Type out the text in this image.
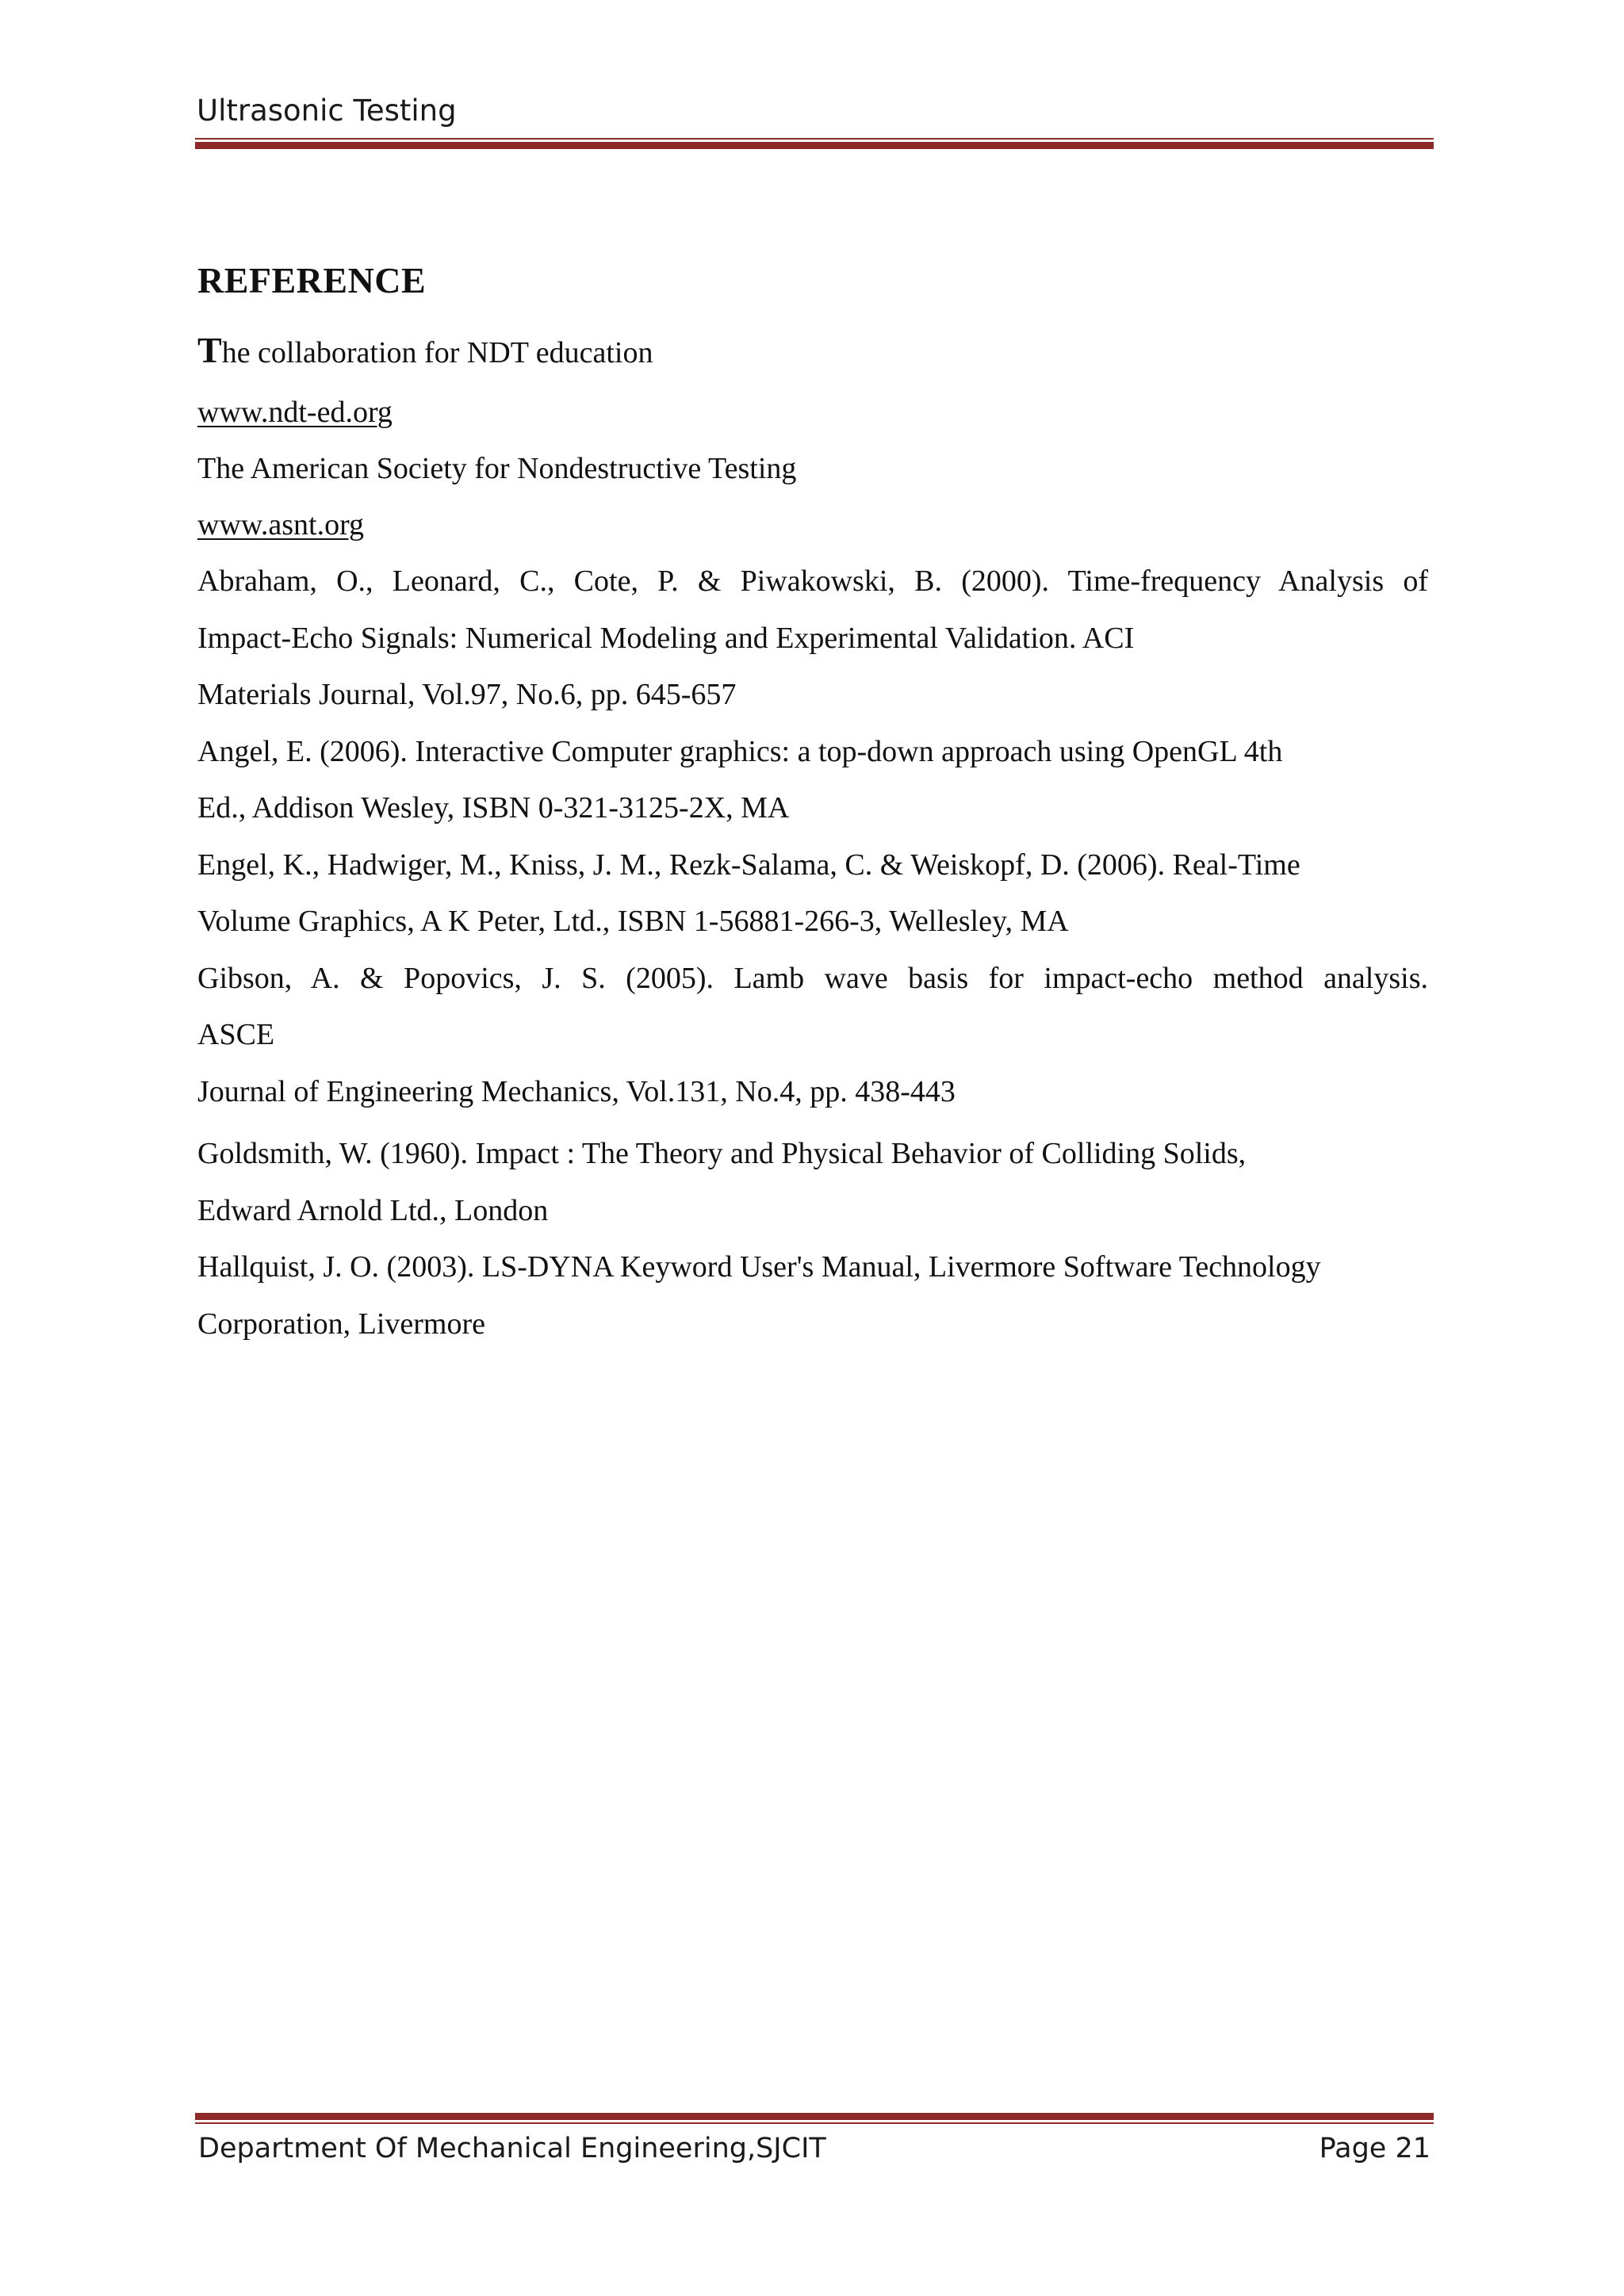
Ultrasonic Testing
REFERENCE
The collaboration for NDT education
www.ndt-ed.org
The American Society for Nondestructive Testing
www.asnt.org
Abraham, O., Leonard, C., Cote, P. & Piwakowski, B. (2000). Time-frequency Analysis of
Impact-Echo Signals: Numerical Modeling and Experimental Validation. ACI
Materials Journal, Vol.97, No.6, pp. 645-657
Angel, E. (2006). Interactive Computer graphics: a top-down approach using OpenGL 4th
Ed., Addison Wesley, ISBN 0-321-3125-2X, MA
Engel, K., Hadwiger, M., Kniss, J. M., Rezk-Salama, C. & Weiskopf, D. (2006). Real-Time
Volume Graphics, A K Peter, Ltd., ISBN 1-56881-266-3, Wellesley, MA
Gibson, A. & Popovics, J. S. (2005). Lamb wave basis for impact-echo method analysis.
ASCE
Journal of Engineering Mechanics, Vol.131, No.4, pp. 438-443
Goldsmith, W. (1960). Impact : The Theory and Physical Behavior of Colliding Solids,
Edward Arnold Ltd., London
Hallquist, J. O. (2003). LS-DYNA Keyword User's Manual, Livermore Software Technology
Corporation, Livermore
Department Of Mechanical Engineering,SJCIT	Page 21
